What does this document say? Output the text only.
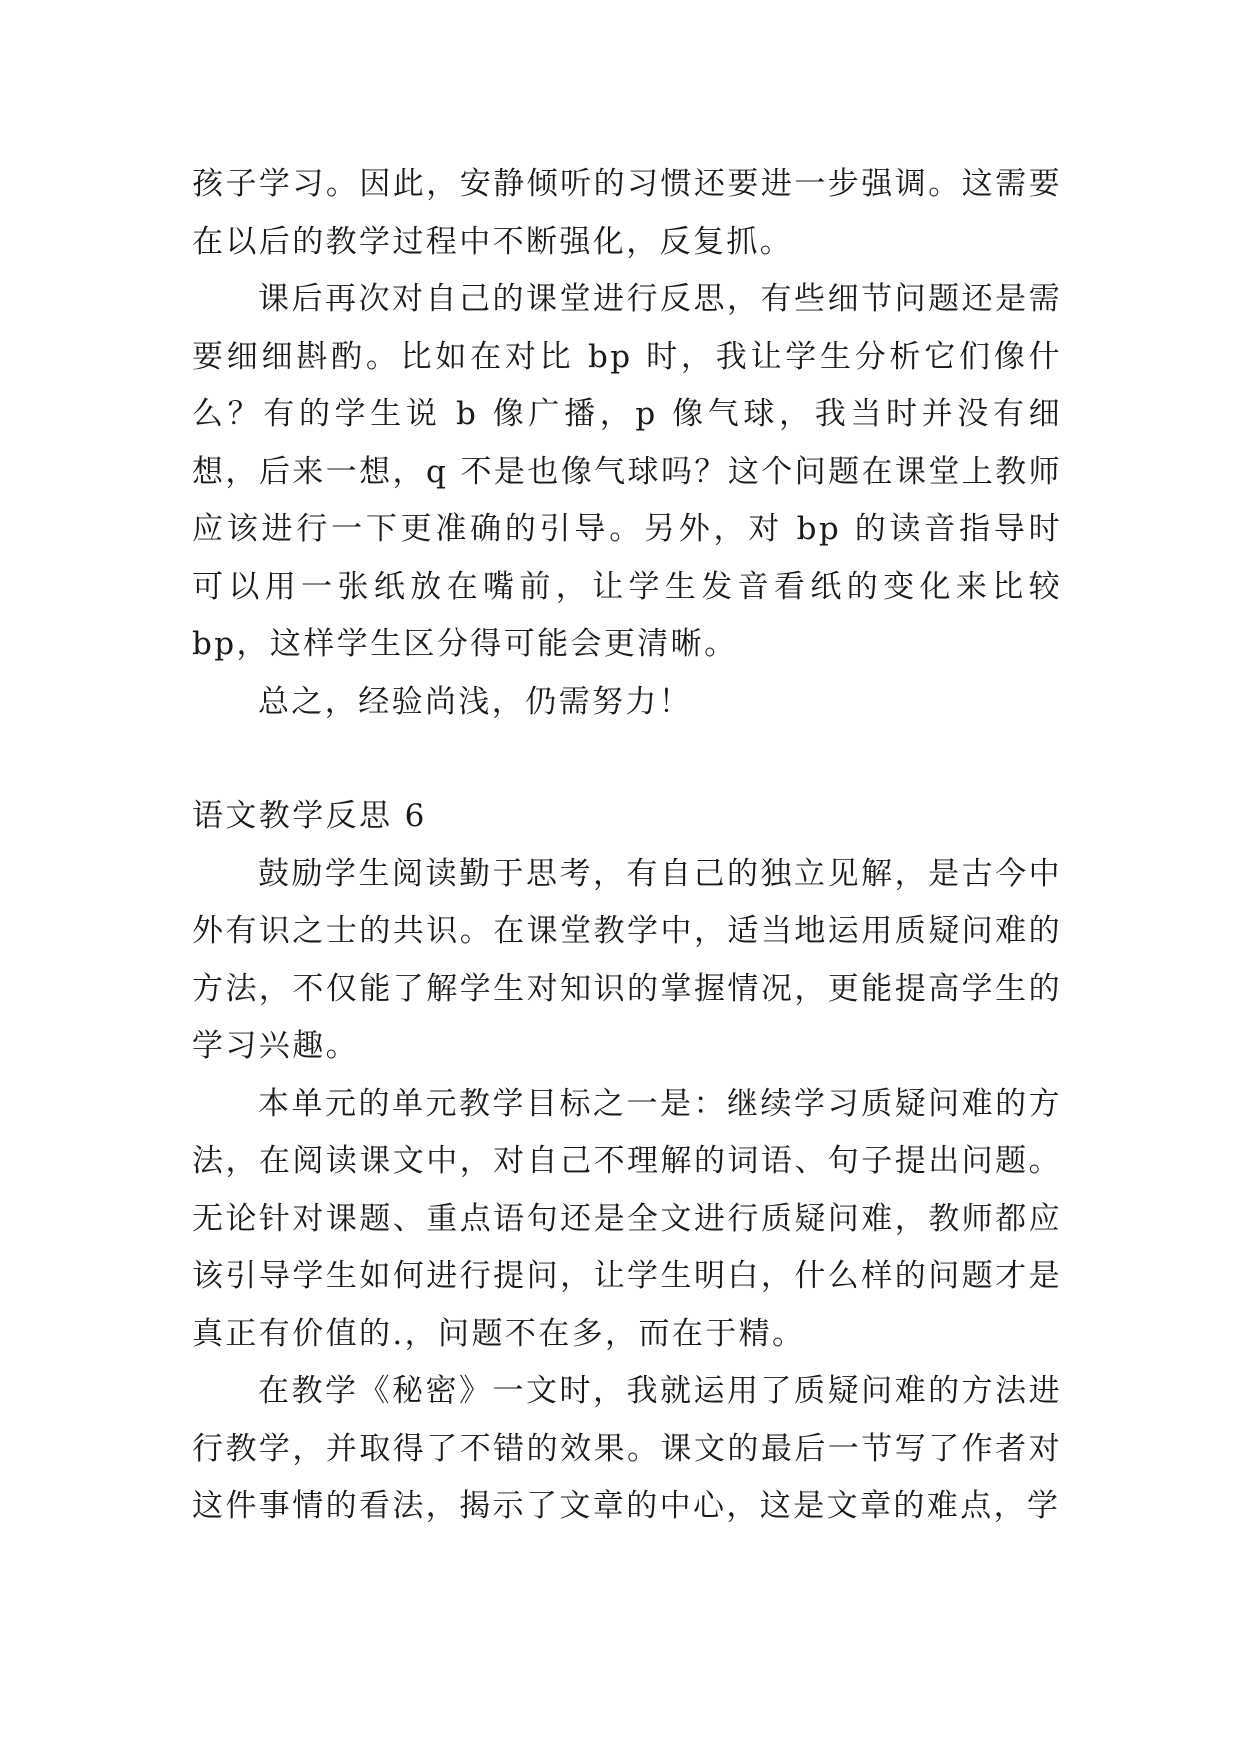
孩子学习。因此，安静倾听的习惯还要进一步强调。这需要在以后的教学过程中不断强化，反复抓。

课后再次对自己的课堂进行反思，有些细节问题还是需要细细斟酌。比如在对比 bp 时，我让学生分析它们像什么？有的学生说 b 像广播，p 像气球，我当时并没有细想，后来一想，q 不是也像气球吗？这个问题在课堂上教师应该进行一下更准确的引导。另外，对 bp 的读音指导时可以用一张纸放在嘴前，让学生发音看纸的变化来比较 bp，这样学生区分得可能会更清晰。

总之，经验尚浅，仍需努力！

语文教学反思 6

鼓励学生阅读勤于思考，有自己的独立见解，是古今中外有识之士的共识。在课堂教学中，适当地运用质疑问难的方法，不仅能了解学生对知识的掌握情况，更能提高学生的学习兴趣。

本单元的单元教学目标之一是：继续学习质疑问难的方法，在阅读课文中，对自己不理解的词语、句子提出问题。无论针对课题、重点语句还是全文进行质疑问难，教师都应该引导学生如何进行提问，让学生明白，什么样的问题才是真正有价值的.，问题不在多，而在于精。

在教学《秘密》一文时，我就运用了质疑问难的方法进行教学，并取得了不错的效果。课文的最后一节写了作者对这件事情的看法，揭示了文章的中心，这是文章的难点，学
